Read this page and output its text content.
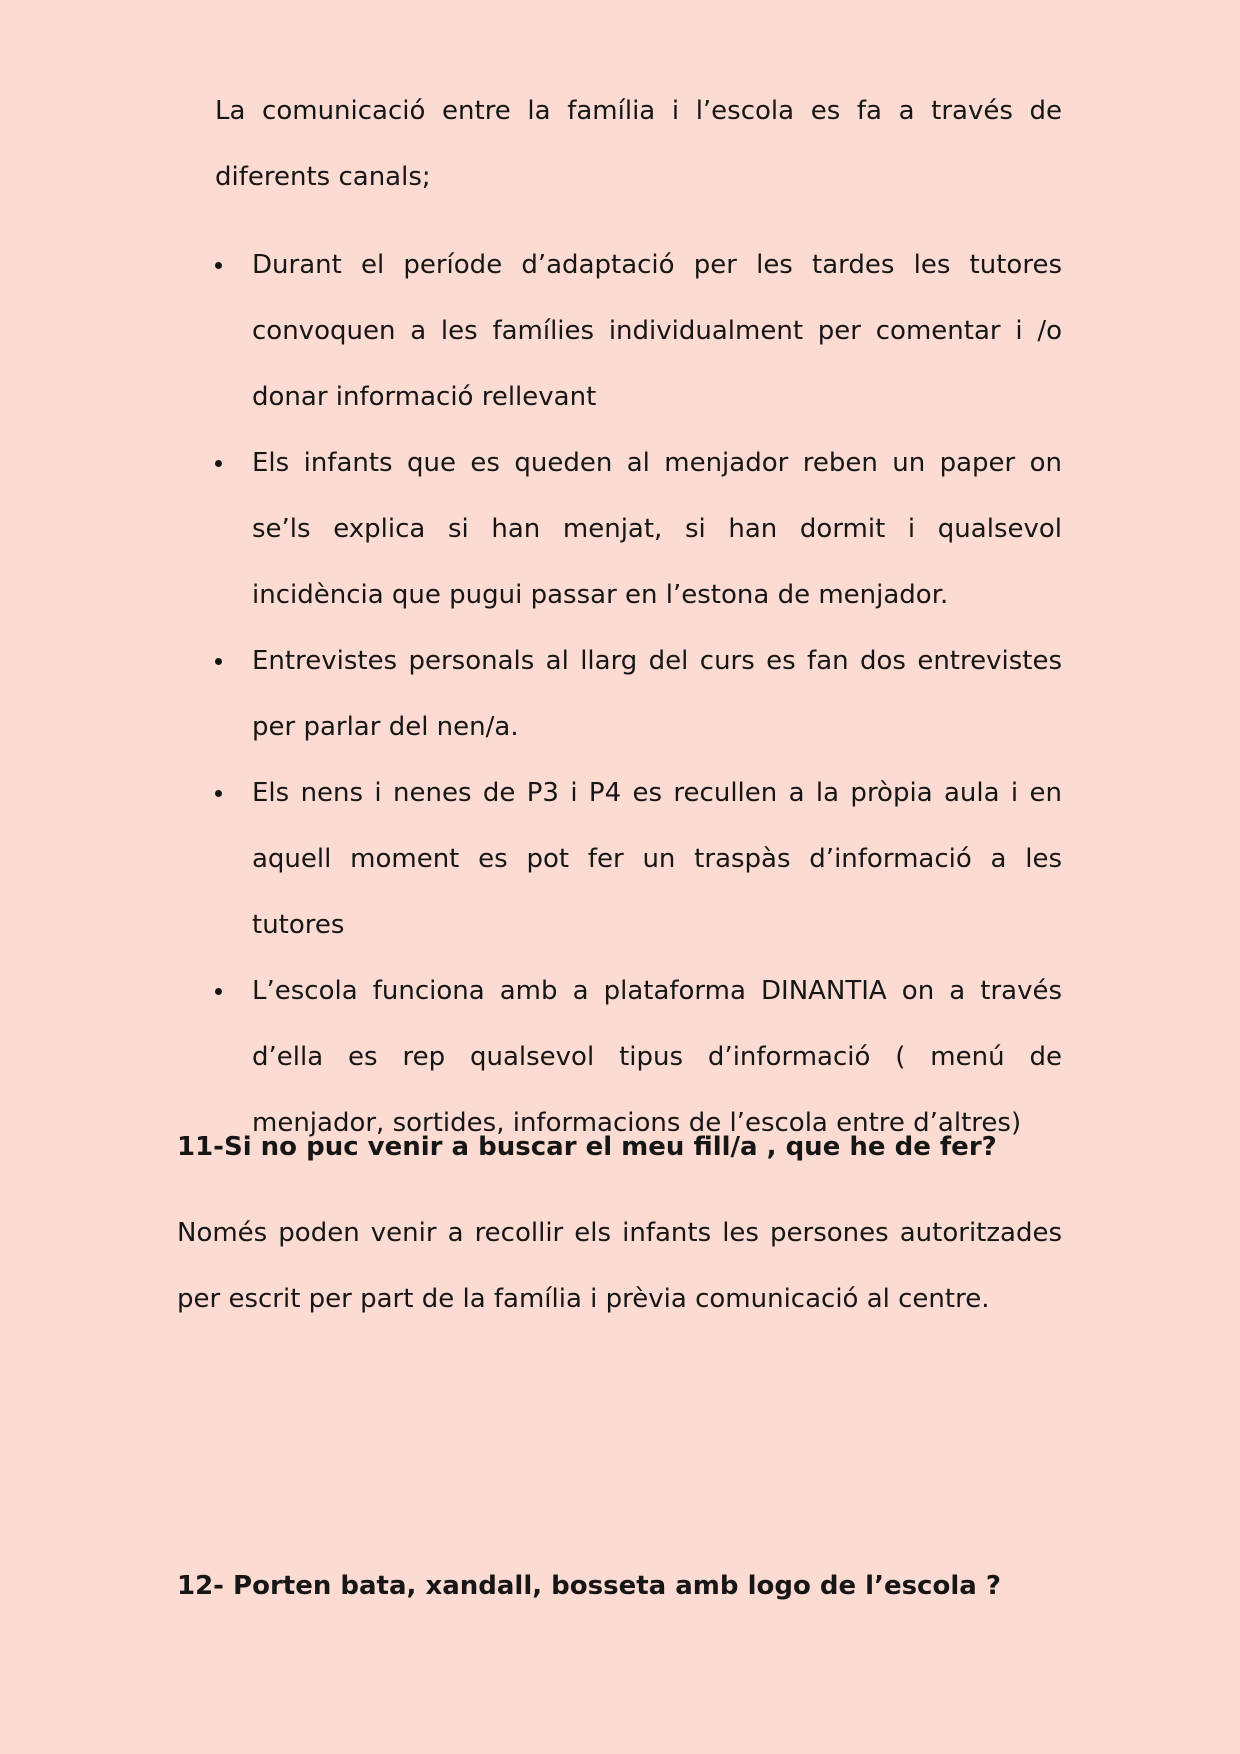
La comunicació entre la família i l’escola es fa a través de diferents canals;

Durant el període d’adaptació per les tardes les tutores convoquen a les famílies individualment per comentar i /o donar informació rellevant
Els infants que es queden al menjador reben un paper on se’ls explica si han menjat, si han dormit i qualsevol incidència que pugui passar en l’estona de menjador.
Entrevistes personals al llarg del curs es fan dos entrevistes per parlar del nen/a.
Els nens i nenes de P3 i P4 es recullen a la pròpia aula i en aquell moment es pot fer un traspàs d’informació a les tutores
L’escola funciona amb a plataforma DINANTIA on a través d’ella es rep qualsevol tipus d’informació ( menú de menjador, sortides, informacions de l’escola entre d’altres)
11-Si no puc venir a buscar el meu fill/a , que he de fer?

Només poden venir a recollir els infants les persones autoritzades per escrit per part de la família i prèvia comunicació al centre.

12- Porten bata, xandall, bosseta amb logo de l’escola ?
